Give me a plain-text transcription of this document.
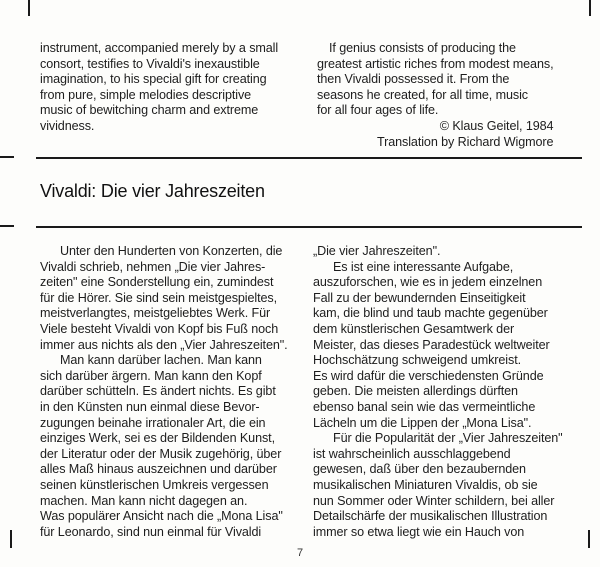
instrument, accompanied merely by a small
consort, testifies to Vivaldi's inexaustible
imagination, to his special gift for creating
from pure, simple melodies descriptive
music of bewitching charm and extreme
vividness.
If genius consists of producing the
greatest artistic riches from modest means,
then Vivaldi possessed it. From the
seasons he created, for all time, music
for all four ages of life.
© Klaus Geitel, 1984
Translation by Richard Wigmore
Vivaldi: Die vier Jahreszeiten
Unter den Hunderten von Konzerten, die
Vivaldi schrieb, nehmen „Die vier Jahres-
zeiten" eine Sonderstellung ein, zumindest
für die Hörer. Sie sind sein meistgespieltes,
meistverlangtes, meistgeliebtes Werk. Für
Viele besteht Vivaldi von Kopf bis Fuß noch
immer aus nichts als den „Vier Jahreszeiten".
Man kann darüber lachen. Man kann
sich darüber ärgern. Man kann den Kopf
darüber schütteln. Es ändert nichts. Es gibt
in den Künsten nun einmal diese Bevor-
zugungen beinahe irrationaler Art, die ein
einziges Werk, sei es der Bildenden Kunst,
der Literatur oder der Musik zugehörig, über
alles Maß hinaus auszeichnen und darüber
seinen künstlerischen Umkreis vergessen
machen. Man kann nicht dagegen an.
Was populärer Ansicht nach die „Mona Lisa"
für Leonardo, sind nun einmal für Vivaldi
„Die vier Jahreszeiten".
Es ist eine interessante Aufgabe,
auszuforschen, wie es in jedem einzelnen
Fall zu der bewundernden Einseitigkeit
kam, die blind und taub machte gegenüber
dem künstlerischen Gesamtwerk der
Meister, das dieses Paradestück weltweiter
Hochschätzung schweigend umkreist.
Es wird dafür die verschiedensten Gründe
geben. Die meisten allerdings dürften
ebenso banal sein wie das vermeintliche
Lächeln um die Lippen der „Mona Lisa".
Für die Popularität der „Vier Jahreszeiten"
ist wahrscheinlich ausschlaggebend
gewesen, daß über den bezaubernden
musikalischen Miniaturen Vivaldis, ob sie
nun Sommer oder Winter schildern, bei aller
Detailschärfe der musikalischen Illustration
immer so etwa liegt wie ein Hauch von
7
